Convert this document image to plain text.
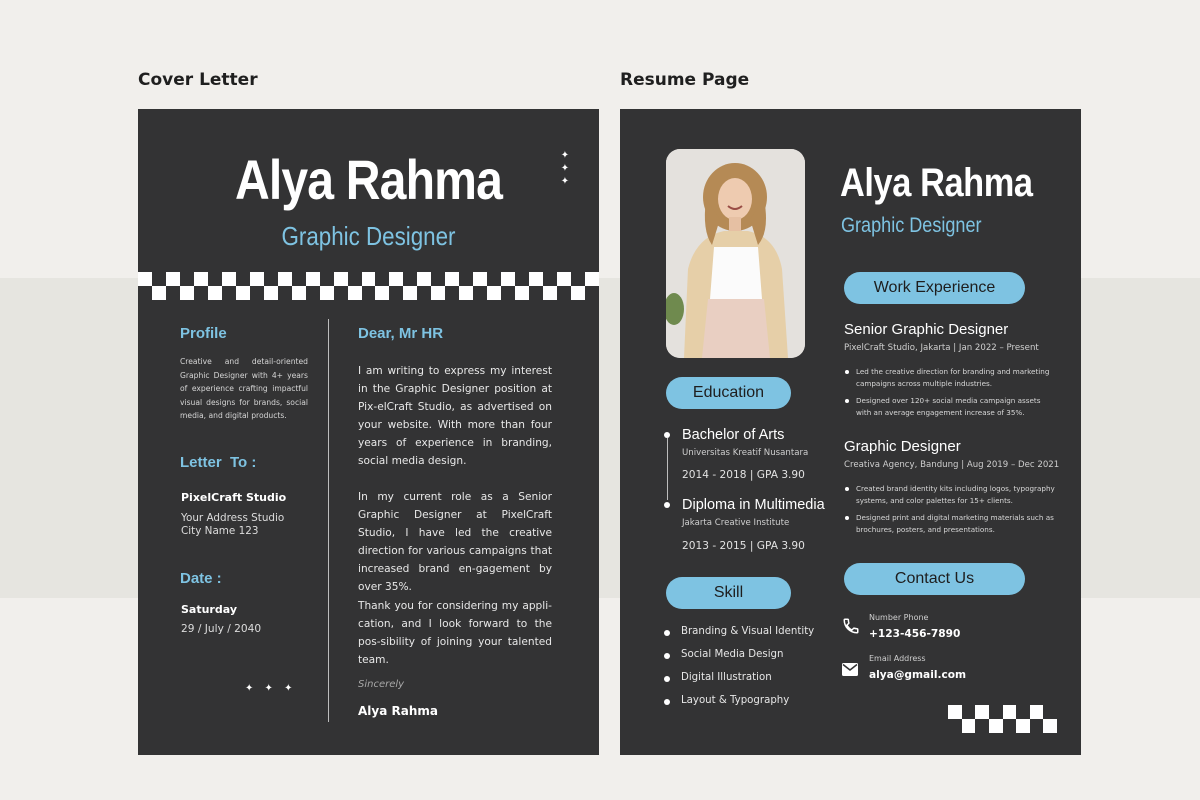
Cover Letter	Resume Page
Alya Rahma
Graphic Designer
✦
✦
✦
Profile
Creative and detail-oriented Graphic Designer with 4+ years of experience crafting impactful visual designs for brands, social media, and digital products.
Letter  To :
PixelCraft Studio
Your Address Studio
City Name 123
Date :
Saturday
29 / July / 2040
✦ ✦ ✦
Dear, Mr HR
I am writing to express my interest in the Graphic Designer position at Pix-elCraft Studio, as advertised on your website. With more than four years of experience in branding, social media design.
In my current role as a Senior Graphic Designer at PixelCraft Studio, I have led the creative direction for various campaigns that increased brand en-gagement by over 35%.
Thank you for considering my appli-cation, and I look forward to the pos-sibility of joining your talented team.
Sincerely
Alya Rahma
Alya Rahma
Graphic Designer
Education
Bachelor of Arts
Universitas Kreatif Nusantara
2014 - 2018 | GPA 3.90
Diploma in Multimedia
Jakarta Creative Institute
2013 - 2015 | GPA 3.90
Skill
Branding & Visual Identity
Social Media Design
Digital Illustration
Layout & Typography
Work Experience
Senior Graphic Designer
PixelCraft Studio, Jakarta | Jan 2022 – Present
Led the creative direction for branding and marketing campaigns across multiple industries.
Designed over 120+ social media campaign assets with an average engagement increase of 35%.
Graphic Designer
Creativa Agency, Bandung | Aug 2019 – Dec 2021
Created brand identity kits including logos, typography systems, and color palettes for 15+ clients.
Designed print and digital marketing materials such as brochures, posters, and presentations.
Contact Us
Number Phone
+123-456-7890
Email Address
alya@gmail.com
